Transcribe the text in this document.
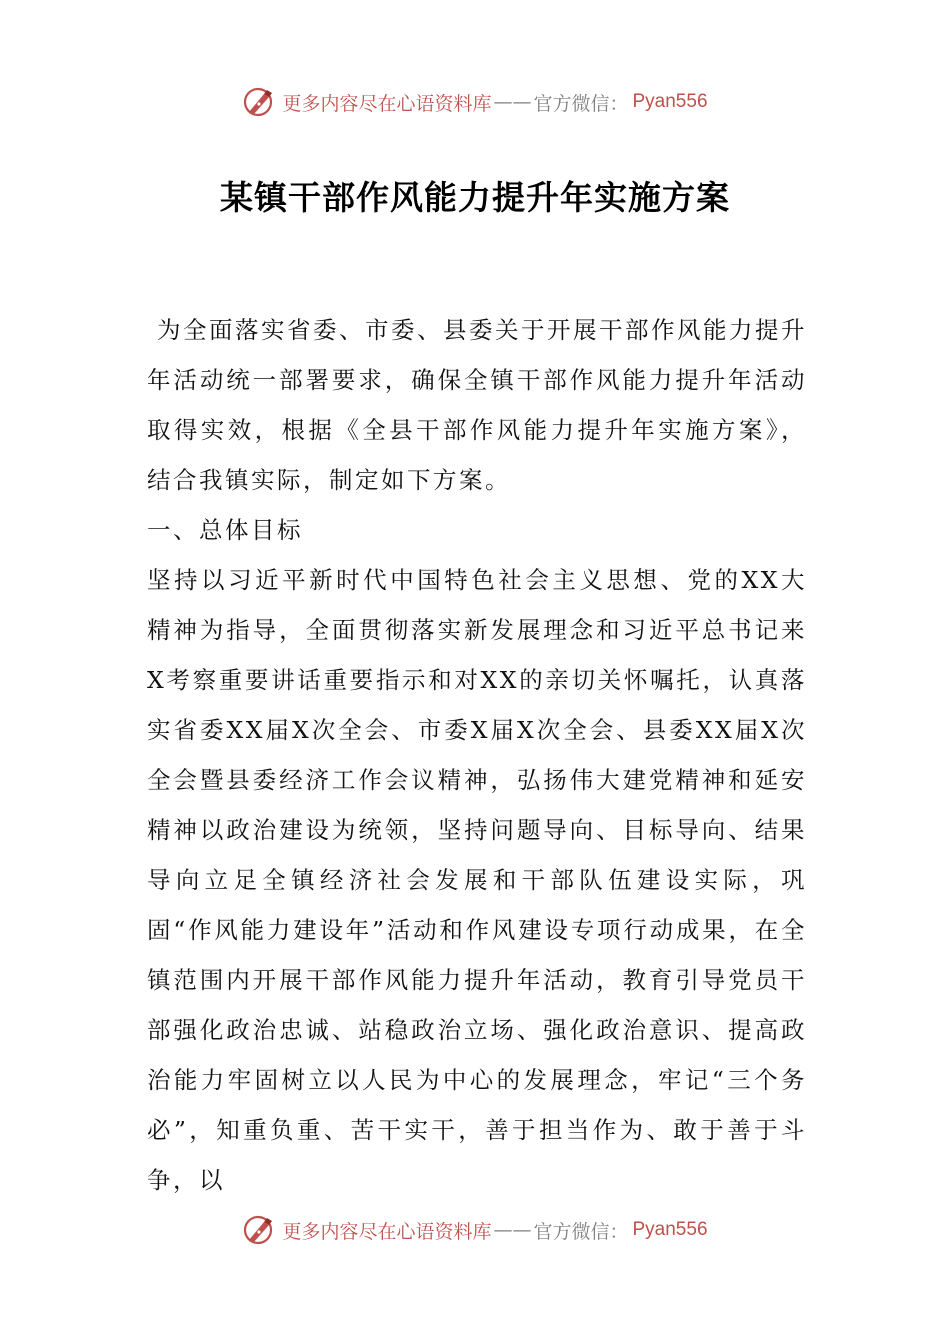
更多内容尽在心语资料库 —— 官方微信： Pyan556
某镇干部作风能力提升年实施方案

为全面落实省委、市委、县委关于开展干部作风能力提升年活动统一部署要求，确保全镇干部作风能力提升年活动取得实效，根据《全县干部作风能力提升年实施方案》，结合我镇实际，制定如下方案。

一、总体目标

坚持以习近平新时代中国特色社会主义思想、党的XX大精神为指导，全面贯彻落实新发展理念和习近平总书记来X考察重要讲话重要指示和对XX的亲切关怀嘱托，认真落实省委XX届X次全会、市委X届X次全会、县委XX届X次全会暨县委经济工作会议精神，弘扬伟大建党精神和延安精神以政治建设为统领，坚持问题导向、目标导向、结果导向立足全镇经济社会发展和干部队伍建设实际，巩固“作风能力建设年”活动和作风建设专项行动成果，在全镇范围内开展干部作风能力提升年活动，教育引导党员干部强化政治忠诚、站稳政治立场、强化政治意识、提高政治能力牢固树立以人民为中心的发展理念，牢记“三个务必”，知重负重、苦干实干，善于担当作为、敢于善于斗争，以

更多内容尽在心语资料库 —— 官方微信： Pyan556
